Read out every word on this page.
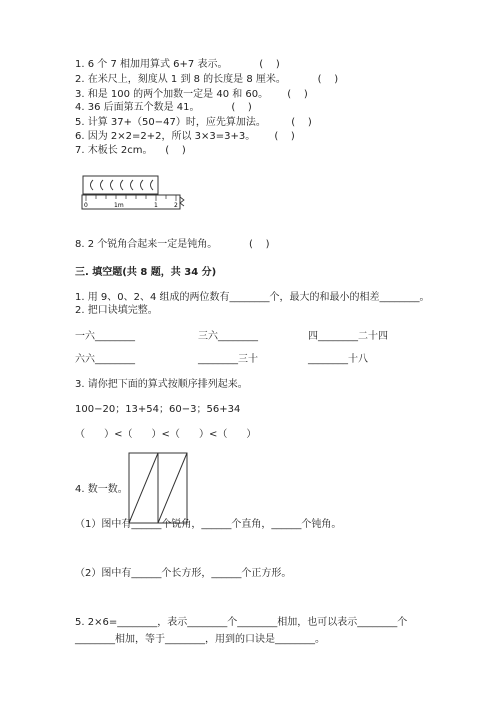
1. 6 个 7 相加用算式 6+7 表示。          (    )
2. 在米尺上，刻度从 1 到 8 的长度是 8 厘米。          (    )
3. 和是 100 的两个加数一定是 40 和 60。      (    )
4. 36 后面第五个数是 41。          (    )
5. 计算 37+（50−47）时，应先算加法。        (    )
6. 因为 2×2=2+2，所以 3×3=3+3。      (    )
7. 木板长 2cm。    (    )
0	1m	1	2
8. 2 个锐角合起来一定是钝角。          (    )
三. 填空题(共 8 题，共 34 分)
1. 用 9、0、2、4 组成的两位数有________个，最大的和最小的相差________。
2. 把口诀填完整。
一六________	三六________	四________二十四
六六________	________三十	________十八
3. 请你把下面的算式按顺序排列起来。
100−20；13+54；60−3；56+34
（      ）<（      ）<（      ）<（      ）
4. 数一数。
（1）图中有______个锐角，______个直角，______个钝角。
（2）图中有______个长方形，______个正方形。
5. 2×6=________，表示________个________相加，也可以表示________个
________相加，等于________，用到的口诀是________。
